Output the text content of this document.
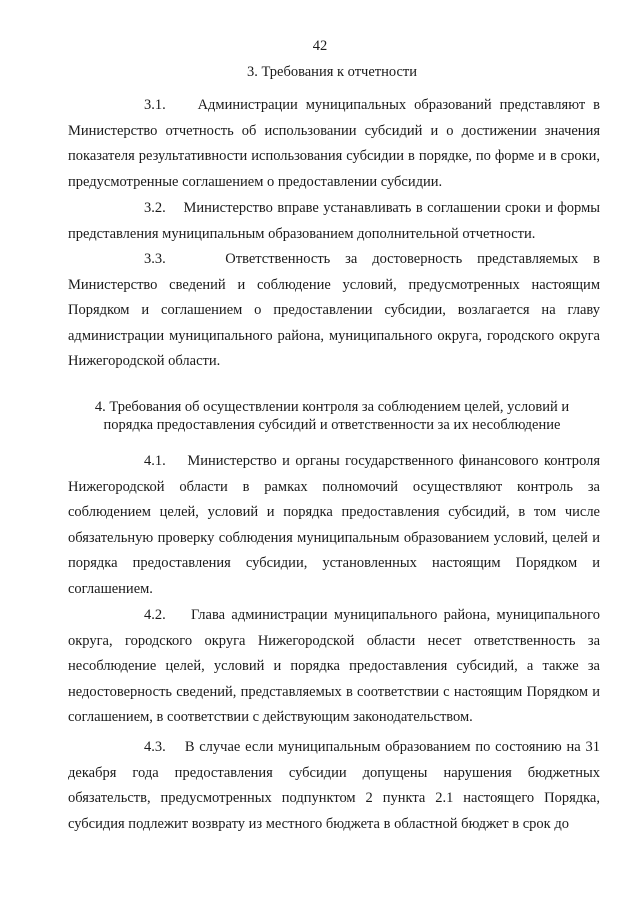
42
3. Требования к отчетности

3.1. Администрации муниципальных образований представляют в Министерство отчетность об использовании субсидий и о достижении значения показателя результативности использования субсидии в порядке, по форме и в сроки, предусмотренные соглашением о предоставлении субсидии.

3.2. Министерство вправе устанавливать в соглашении сроки и формы представления муниципальным образованием дополнительной отчетности.

3.3.	Ответственность за достоверность представляемых в Министерство сведений и соблюдение условий, предусмотренных настоящим Порядком и соглашением о предоставлении субсидии, возлагается на главу администрации муниципального района, муниципального округа, городского округа Нижегородской области.

4. Требования об осуществлении контроля за соблюдением целей, условий и
порядка предоставления субсидий и ответственности за их несоблюдение

4.1. Министерство и органы государственного финансового контроля Нижегородской области в рамках полномочий осуществляют контроль за соблюдением целей, условий и порядка предоставления субсидий, в том числе обязательную проверку соблюдения муниципальным образованием условий, целей и порядка предоставления субсидии, установленных настоящим Порядком и соглашением.

4.2. Глава администрации муниципального района, муниципального округа, городского округа Нижегородской области несет ответственность за несоблюдение целей, условий и порядка предоставления субсидий, а также за недостоверность сведений, представляемых в соответствии с настоящим Порядком и соглашением, в соответствии с действующим законодательством.

4.3. В случае если муниципальным образованием по состоянию на 31 декабря года предоставления субсидии допущены нарушения бюджетных обязательств, предусмотренных подпунктом 2 пункта 2.1 настоящего Порядка, субсидия подлежит возврату из местного бюджета в областной бюджет в срок до
